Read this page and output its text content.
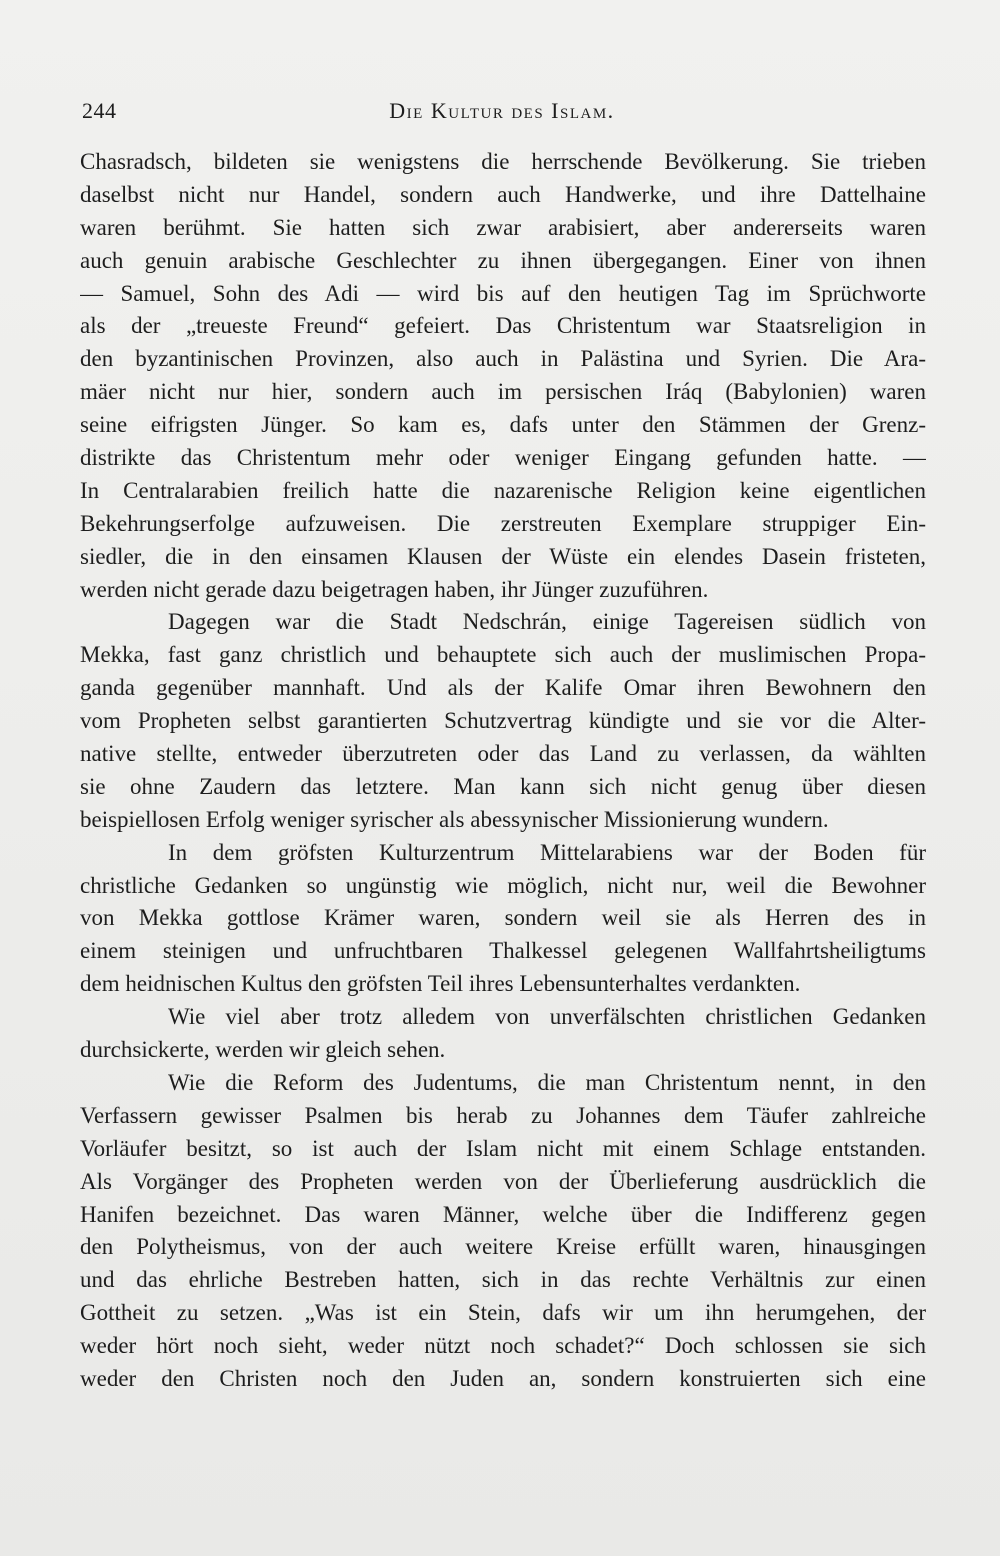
244	Die Kultur des Islam.
Chasradsch, bildeten sie wenigstens die herrschende Bevölkerung. Sie trieben
daselbst nicht nur Handel, sondern auch Handwerke, und ihre Dattelhaine
waren berühmt. Sie hatten sich zwar arabisiert, aber andererseits waren
auch genuin arabische Geschlechter zu ihnen übergegangen. Einer von ihnen
— Samuel, Sohn des Adi — wird bis auf den heutigen Tag im Sprüchworte
als der „treueste Freund“ gefeiert. Das Christentum war Staatsreligion in
den byzantinischen Provinzen, also auch in Palästina und Syrien. Die Ara-
mäer nicht nur hier, sondern auch im persischen Iráq (Babylonien) waren
seine eifrigsten Jünger. So kam es, dafs unter den Stämmen der Grenz-
distrikte das Christentum mehr oder weniger Eingang gefunden hatte. —
In Centralarabien freilich hatte die nazarenische Religion keine eigentlichen
Bekehrungserfolge aufzuweisen. Die zerstreuten Exemplare struppiger Ein-
siedler, die in den einsamen Klausen der Wüste ein elendes Dasein fristeten,
werden nicht gerade dazu beigetragen haben, ihr Jünger zuzuführen.
Dagegen war die Stadt Nedschrán, einige Tagereisen südlich von
Mekka, fast ganz christlich und behauptete sich auch der muslimischen Propa-
ganda gegenüber mannhaft. Und als der Kalife Omar ihren Bewohnern den
vom Propheten selbst garantierten Schutzvertrag kündigte und sie vor die Alter-
native stellte, entweder überzutreten oder das Land zu verlassen, da wählten
sie ohne Zaudern das letztere. Man kann sich nicht genug über diesen
beispiellosen Erfolg weniger syrischer als abessynischer Missionierung wundern.
In dem gröfsten Kulturzentrum Mittelarabiens war der Boden für
christliche Gedanken so ungünstig wie möglich, nicht nur, weil die Bewohner
von Mekka gottlose Krämer waren, sondern weil sie als Herren des in
einem steinigen und unfruchtbaren Thalkessel gelegenen Wallfahrtsheiligtums
dem heidnischen Kultus den gröfsten Teil ihres Lebensunterhaltes verdankten.
Wie viel aber trotz alledem von unverfälschten christlichen Gedanken
durchsickerte, werden wir gleich sehen.
Wie die Reform des Judentums, die man Christentum nennt, in den
Verfassern gewisser Psalmen bis herab zu Johannes dem Täufer zahlreiche
Vorläufer besitzt, so ist auch der Islam nicht mit einem Schlage entstanden.
Als Vorgänger des Propheten werden von der Überlieferung ausdrücklich die
Hanifen bezeichnet. Das waren Männer, welche über die Indifferenz gegen
den Polytheismus, von der auch weitere Kreise erfüllt waren, hinausgingen
und das ehrliche Bestreben hatten, sich in das rechte Verhältnis zur einen
Gottheit zu setzen. „Was ist ein Stein, dafs wir um ihn herumgehen, der
weder hört noch sieht, weder nützt noch schadet?“ Doch schlossen sie sich
weder den Christen noch den Juden an, sondern konstruierten sich eine
